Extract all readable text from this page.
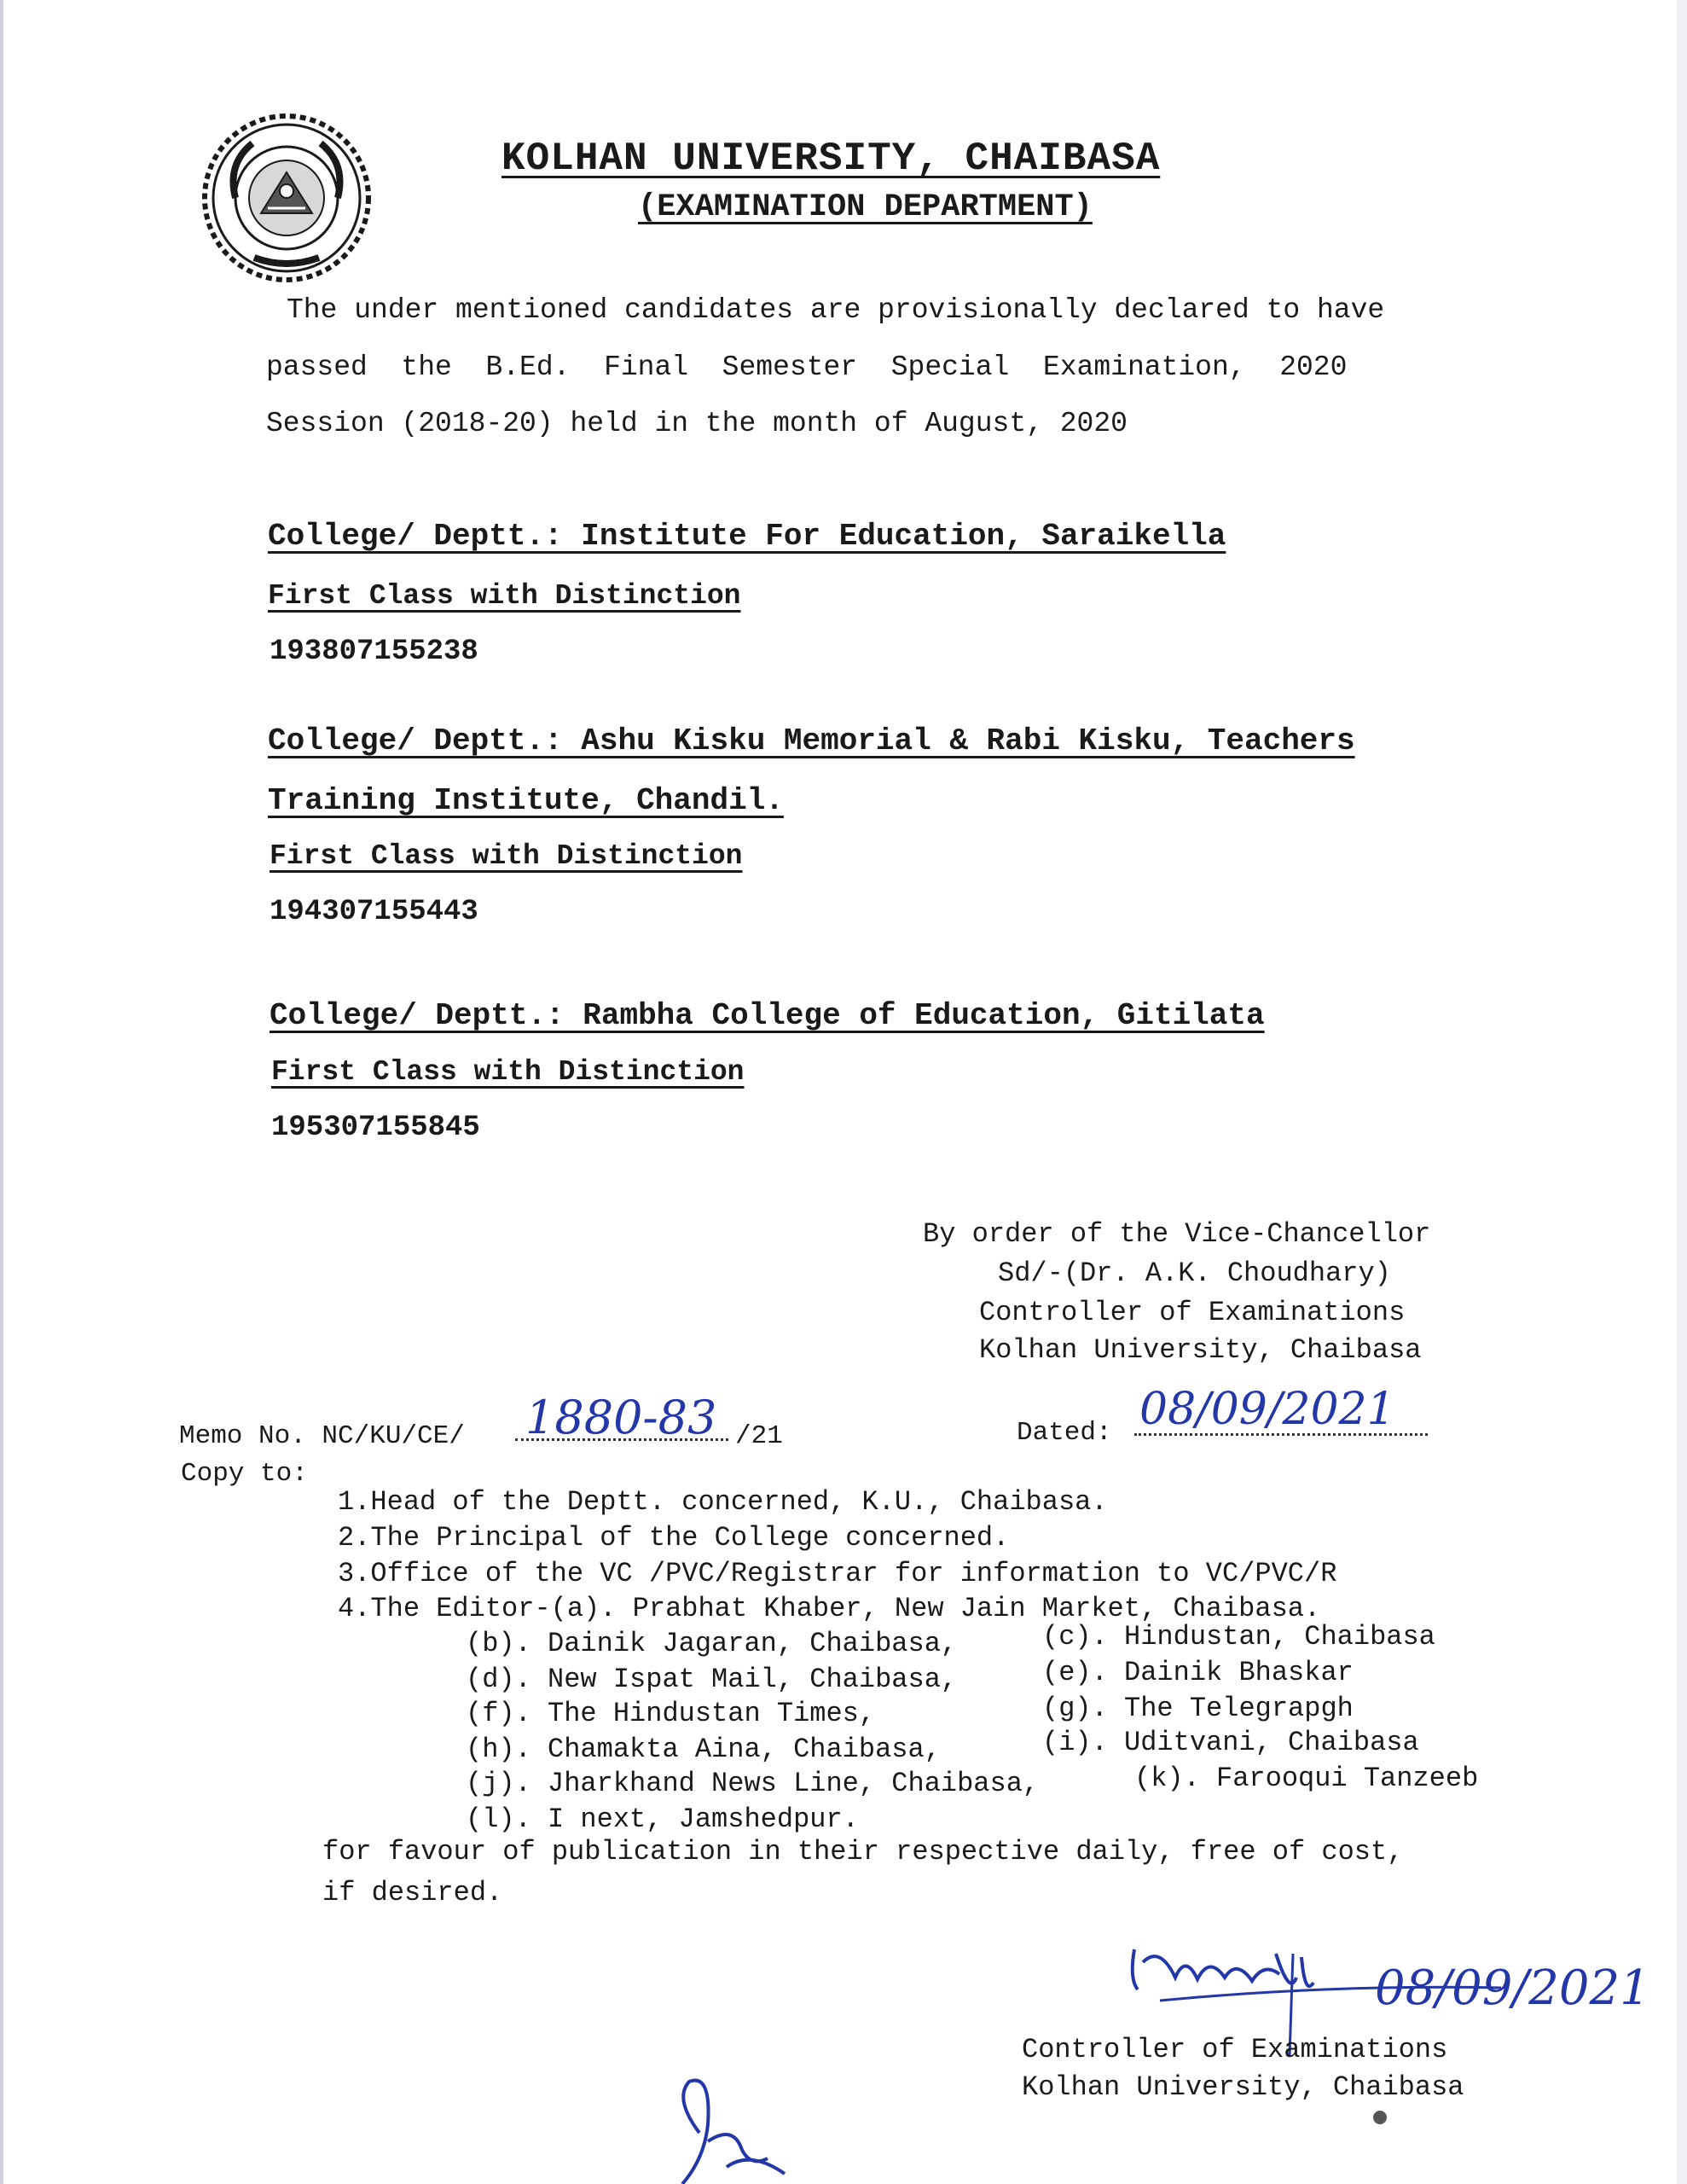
KOLHAN UNIVERSITY, CHAIBASA
(EXAMINATION DEPARTMENT)
The under mentioned candidates are provisionally declared to have
passed  the  B.Ed.  Final  Semester  Special  Examination,  2020
Session (2018-20) held in the month of August, 2020
College/ Deptt.: Institute For Education, Saraikella
First Class with Distinction
193807155238
College/ Deptt.: Ashu Kisku Memorial & Rabi Kisku, Teachers
Training Institute, Chandil.
First Class with Distinction
194307155443
College/ Deptt.: Rambha College of Education, Gitilata
First Class with Distinction
195307155845
By order of the Vice-Chancellor
Sd/-(Dr. A.K. Choudhary)
Controller of Examinations
Kolhan University, Chaibasa
Memo No. NC/KU/CE/ 1880-83 /21	Dated: 08/09/2021
Copy to:
1.Head of the Deptt. concerned, K.U., Chaibasa.
2.The Principal of the College concerned.
3.Office of the VC /PVC/Registrar for information to VC/PVC/R
4.The Editor-(a). Prabhat Khaber, New Jain Market, Chaibasa.
(b). Dainik Jagaran, Chaibasa,	(c). Hindustan, Chaibasa
(d). New Ispat Mail, Chaibasa,	(e). Dainik Bhaskar
(f). The Hindustan Times,	(g). The Telegrapgh
(h). Chamakta Aina, Chaibasa,	(i). Uditvani, Chaibasa
(j). Jharkhand News Line, Chaibasa,	(k). Farooqui Tanzeeb
(l). I next, Jamshedpur.
for favour of publication in their respective daily, free of cost,
if desired.
08/09/2021
Controller of Examinations
Kolhan University, Chaibasa
